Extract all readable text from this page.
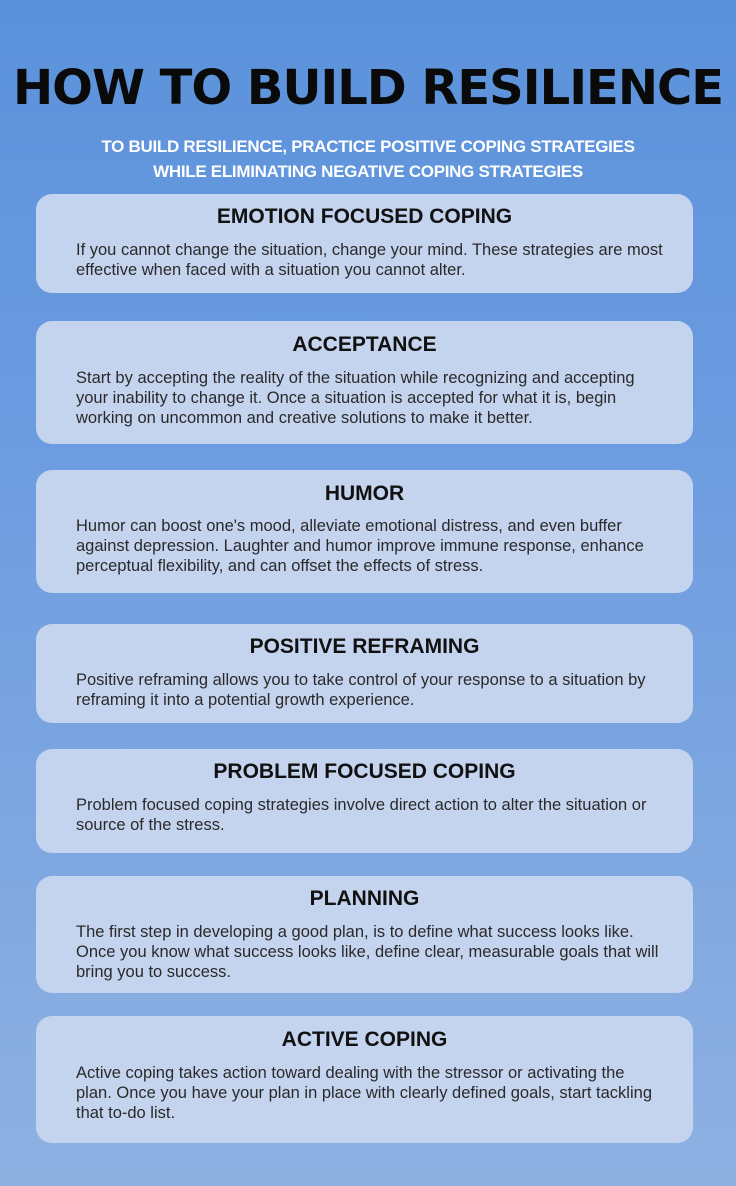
HOW TO BUILD RESILIENCE
TO BUILD RESILIENCE, PRACTICE POSITIVE COPING STRATEGIES
WHILE ELIMINATING NEGATIVE COPING STRATEGIES
EMOTION FOCUSED COPING

If you cannot change the situation, change your mind. These strategies are most effective when faced with a situation you cannot alter.

ACCEPTANCE

Start by accepting the reality of the situation while recognizing and accepting your inability to change it. Once a situation is accepted for what it is, begin working on uncommon and creative solutions to make it better.

HUMOR

Humor can boost one's mood, alleviate emotional distress, and even buffer against depression. Laughter and humor improve immune response, enhance perceptual flexibility, and can offset the effects of stress.

POSITIVE REFRAMING

Positive reframing allows you to take control of your response to a situation by reframing it into a potential growth experience.

PROBLEM FOCUSED COPING

Problem focused coping strategies involve direct action to alter the situation or source of the stress.

PLANNING

The first step in developing a good plan, is to define what success looks like. Once you know what success looks like, define clear, measurable goals that will bring you to success.

ACTIVE COPING

Active coping takes action toward dealing with the stressor or activating the plan. Once you have your plan in place with clearly defined goals, start tackling that to-do list.
